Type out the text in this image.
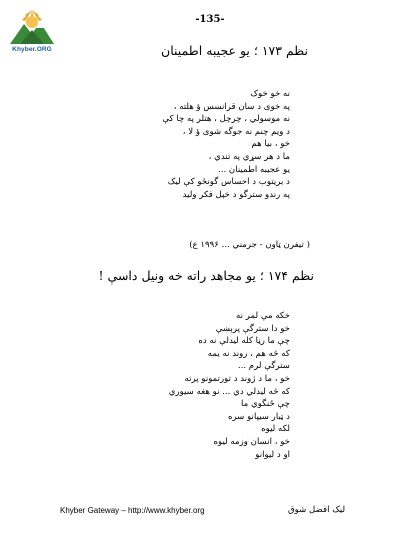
Khyber.ORG
-135-
نظم ۱۷۳ ؛ يو عجيبه اطمينان
نه خو خوک
په خوى د سان قرانسس ؤ هلته ،
نه موسولي ، چرچل ، هتلر په چا کې
د ويم چنم نه جوگه شوى ؤ لا ،
خو ، بيا هم
ما د هر سړي په تندي ،
يو عجيبه اطمينان ...
د بريتوب د احساس گونځو کې ليک
په رندو سترگو د خپل فکر ولید
( تيفرن ټاون - جرمني ... ۱۹۹۶ ع)
نظم ۱۷۴ ؛ يو مجاهد راته خه ونيل داسې !
خکه مې لمر نه
خو دا سترگې پرېښې
چې ما رڼا کله ليدلې نه ده
که څه هم ، روند نه يمه
سترگې لرم ...
خو ، ما د ژوند د تورتمونو پرته
که څه ليدلي دي ... نو هغه سيوري
چې ځنگوي ما
د ټبار سيپانو سره
لکه ليوه
خو ، انسان وزمه ليوه
او د ليوانو
Khyber Gateway – http://www.khyber.org	ليک افضل شوق
